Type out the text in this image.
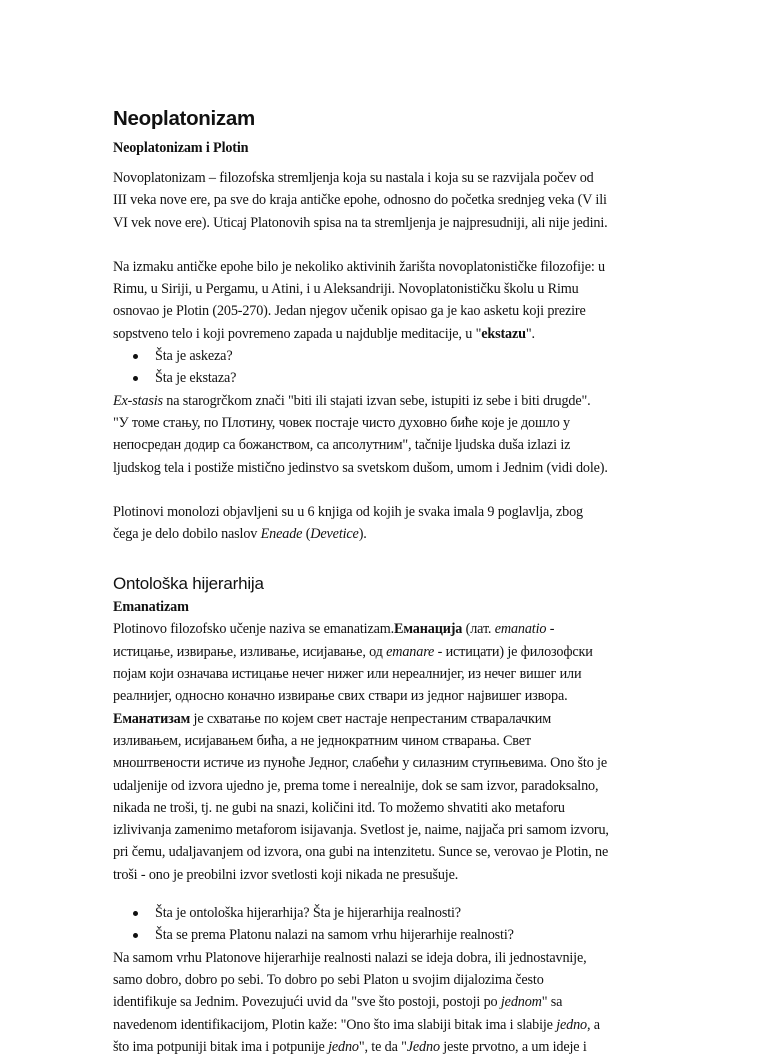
Neoplatonizam
Neoplatonizam i Plotin

Novoplatonizam – filozofska stremljenja koja su nastala i koja su se razvijala počev od
III veka nove ere, pa sve do kraja antičke epohe, odnosno do početka srednjeg veka (V ili
VI vek nove ere). Uticaj Platonovih spisa na ta stremljenja je najpresudniji, ali nije jedini.

Na izmaku antičke epohe bilo je nekoliko aktivinih žarišta novoplatonističke filozofije: u
Rimu, u Siriji, u Pergamu, u Atini, i u Aleksandriji. Novoplatonističku školu u Rimu
osnovao je Plotin (205-270). Jedan njegov učenik opisao ga je kao asketu koji prezire
sopstveno telo i koji povremeno zapada u najdublje meditacije, u "ekstazu".

Šta je askeza?
Šta je ekstaza?

Ex-stasis na starogrčkom znači "biti ili stajati izvan sebe, istupiti iz sebe i biti drugde".
"У томе стању, по Плотину, човек постаје чисто духовно биће које је дошло у
непосредан додир са божанством, са апсолутним", tačnije ljudska duša izlazi iz
ljudskog tela i postiže mistično jedinstvo sa svetskom dušom, umom i Jednim (vidi dole).

Plotinovi monolozi objavljeni su u 6 knjiga od kojih je svaka imala 9 poglavlja, zbog
čega je delo dobilo naslov Eneade (Devetice).

Ontološka hijerarhija
Emanatizam

Plotinovo filozofsko učenje naziva se emanatizam.Еманација (лат. emanatio -
истицање, извирање, изливање, исијавање, од emanare - истицати) је филозофски
појам који означава истицање нечег нижег или нереалнијег, из нечег вишег или
реалнијег, односно коначно извирање свих ствари из једног највишег извора.

Еманатизам је схватање по којем свет настаје непрестаним стваралачким
изливањем, исијавањем бића, а не једнократним чином стварања. Свет
мноштвености истиче из пуноће Једног, слабећи у силазним ступњевима. Ono što je
udaljenije od izvora ujedno je, prema tome i nerealnije, dok se sam izvor, paradoksalno,
nikada ne troši, tj. ne gubi na snazi, količini itd. To možemo shvatiti ako metaforu
izlivivanja zamenimo metaforom isijavanja. Svetlost je, naime, najjača pri samom izvoru,
pri čemu, udaljavanjem od izvora, ona gubi na intenzitetu. Sunce se, verovao je Plotin, ne
troši - ono je preobilni izvor svetlosti koji nikada ne presušuje.

Šta je ontološka hijerarhija? Šta je hijerarhija realnosti?
Šta se prema Platonu nalazi na samom vrhu hijerarhije realnosti?

Na samom vrhu Platonove hijerarhije realnosti nalazi se ideja dobra, ili jednostavnije,
samo dobro, dobro po sebi. To dobro po sebi Platon u svojim dijalozima često
identifikuje sa Jednim. Povezujući uvid da "sve što postoji, postoji po jednom" sa
navedenom identifikacijom, Plotin kaže: "Ono što ima slabiji bitak ima i slabije jedno, a
što ima potpuniji bitak ima i potpunije jedno", te da "Jedno jeste prvotno, a um ideje i
